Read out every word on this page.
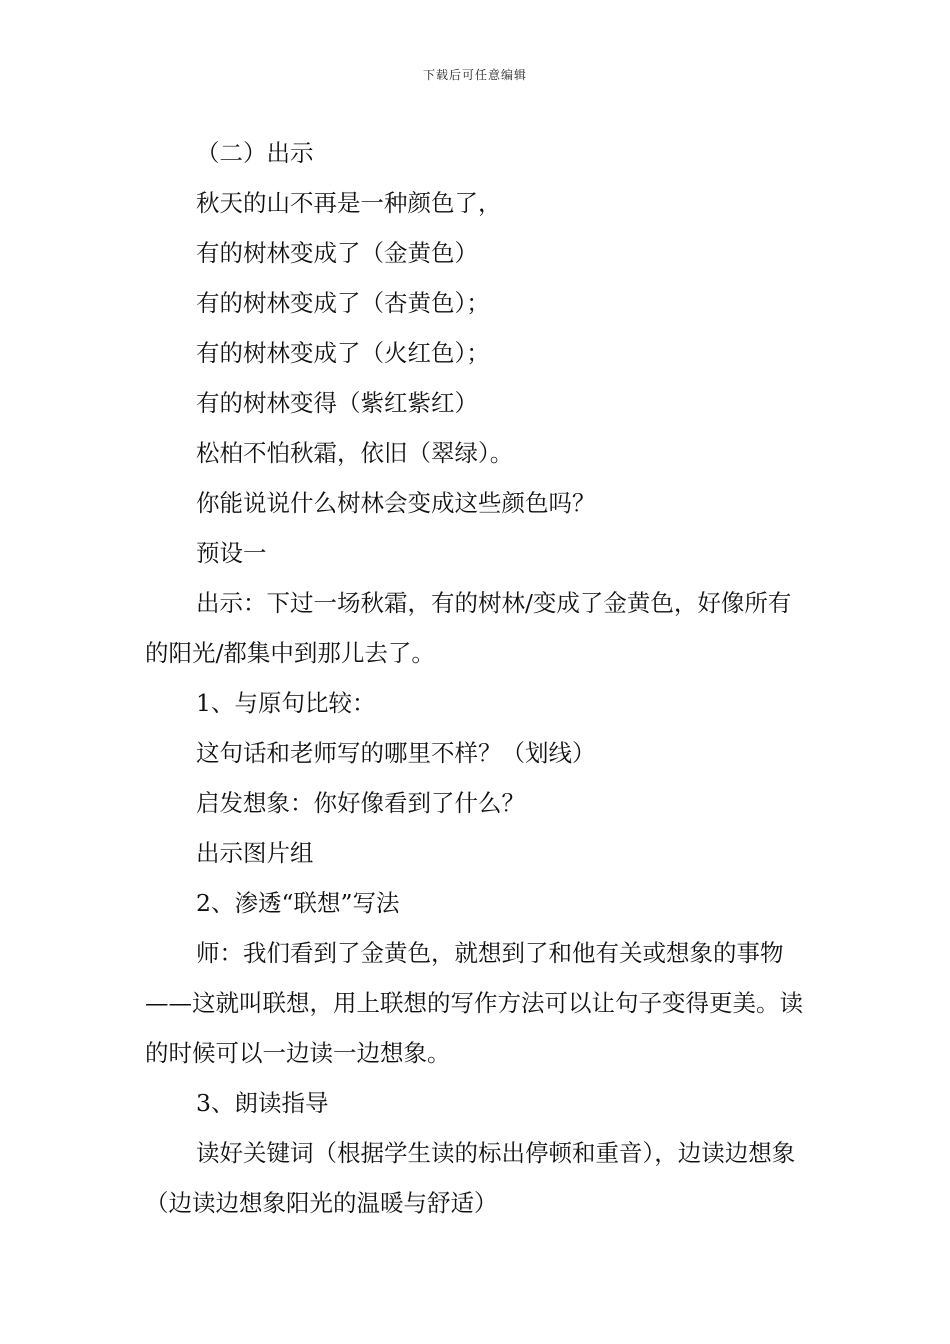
下载后可任意编辑

（二）出示

秋天的山不再是一种颜色了，

有的树林变成了（金黄色）

有的树林变成了（杏黄色）；

有的树林变成了（火红色）；

有的树林变得（紫红紫红）

松柏不怕秋霜，依旧（翠绿）。

你能说说什么树林会变成这些颜色吗？

预设一

出示：下过一场秋霜，有的树林/变成了金黄色，好像所有的阳光/都集中到那儿去了。

1、与原句比较：

这句话和老师写的哪里不样？（划线）

启发想象：你好像看到了什么？

出示图片组

2、渗透“联想”写法

师：我们看到了金黄色，就想到了和他有关或想象的事物——这就叫联想，用上联想的写作方法可以让句子变得更美。读的时候可以一边读一边想象。

3、朗读指导

读好关键词（根据学生读的标出停顿和重音），边读边想象（边读边想象阳光的温暖与舒适）
